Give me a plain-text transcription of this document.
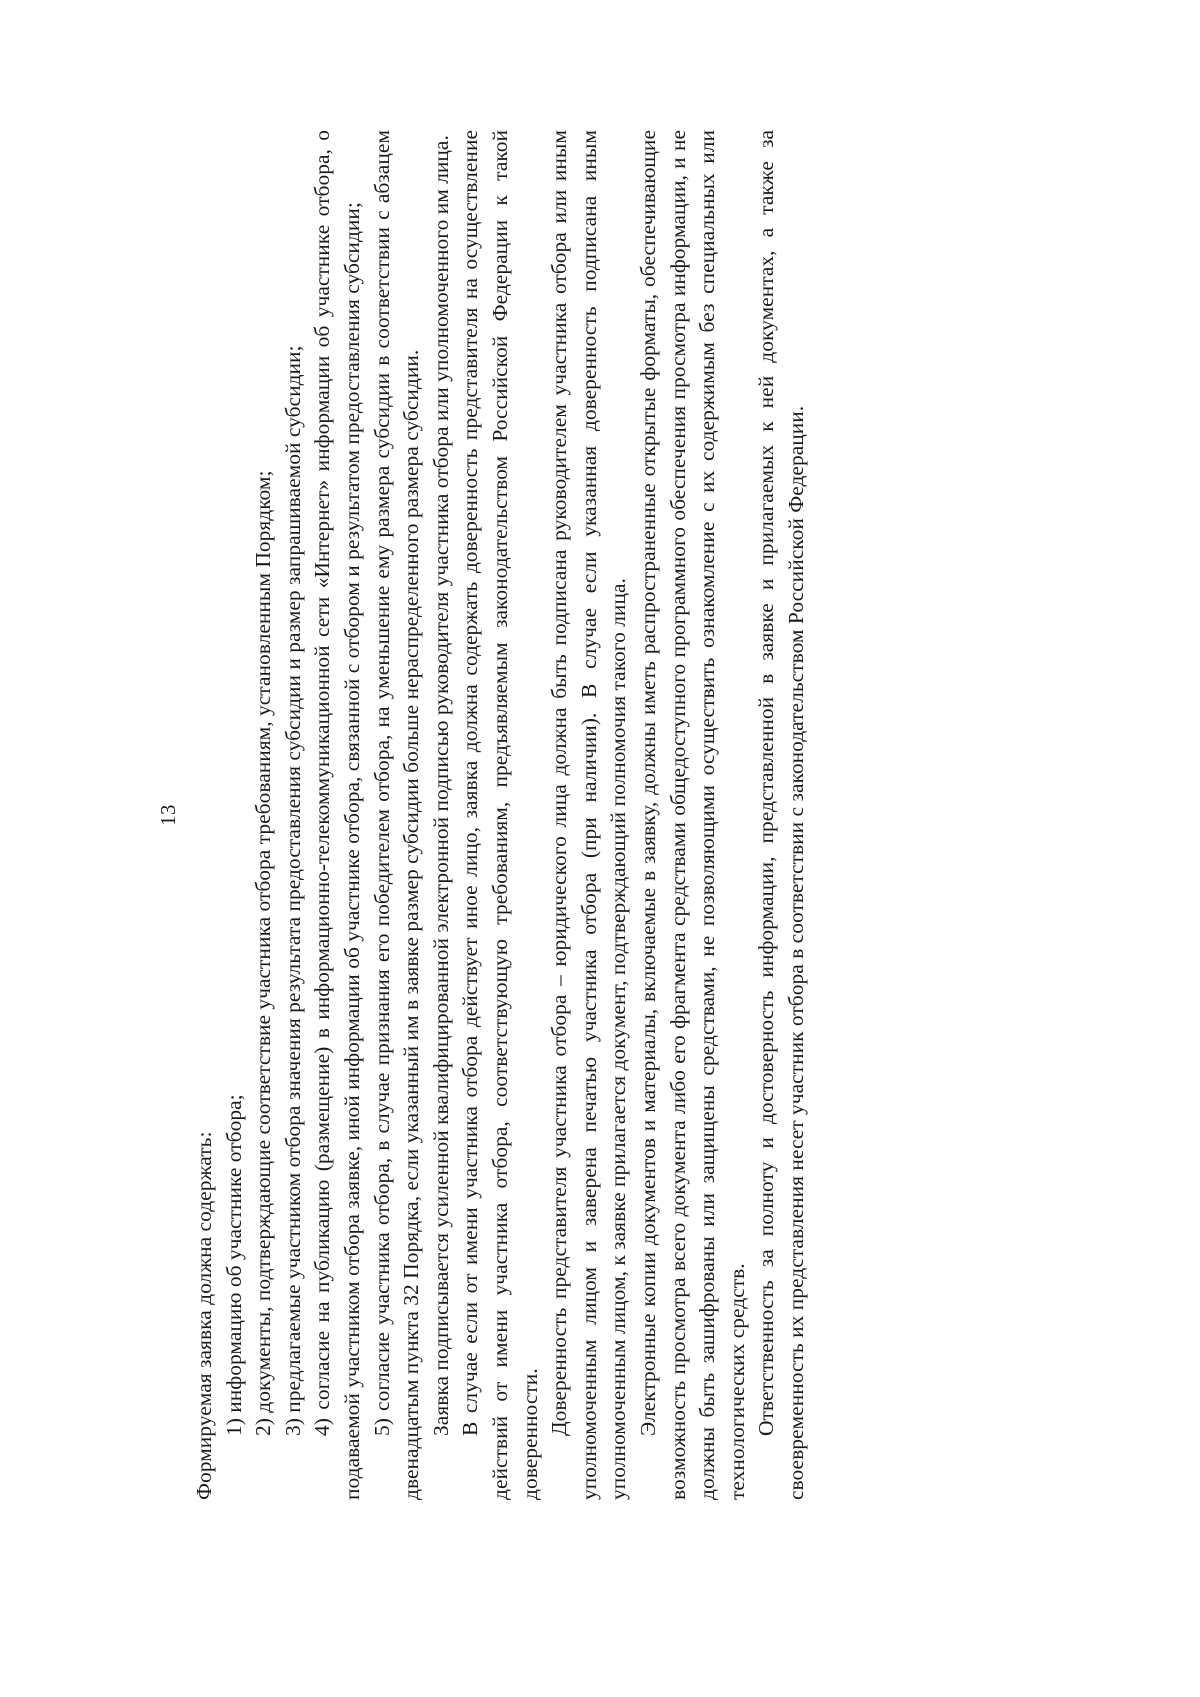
13

Формируемая заявка должна содержать: 1) информацию об участнике отбора; 2) документы, подтверждающие соответствие участника отбора требованиям, установленным Порядком; 3) предлагаемые участником отбора значения результата предоставления субсидии и размер запрашиваемой субсидии; 4) согласие на публикацию (размещение) в информационно-телекоммуникационной сети «Интернет» информации об участнике отбора, о подаваемой участником отбора заявке, иной информации об участнике отбора, связанной с отбором и результатом предоставления субсидии; 5) согласие участника отбора, в случае признания его победителем отбора, на уменьшение ему размера субсидии в соответствии с абзацем двенадцатым пункта 32 Порядка, если указанный им в заявке размер субсидии больше нераспределенного размера субсидии. Заявка подписывается усиленной квалифицированной электронной подписью руководителя участника отбора или уполномоченного им лица. В случае если от имени участника отбора действует иное лицо, заявка должна содержать доверенность представителя на осуществление действий от имени участника отбора, соответствующую требованиям, предъявляемым законодательством Российской Федерации к такой доверенности. Доверенность представителя участника отбора – юридического лица должна быть подписана руководителем участника отбора или иным уполномоченным лицом и заверена печатью участника отбора (при наличии). В случае если указанная доверенность подписана иным уполномоченным лицом, к заявке прилагается документ, подтверждающий полномочия такого лица. Электронные копии документов и материалы, включаемые в заявку, должны иметь распространенные открытые форматы, обеспечивающие возможность просмотра всего документа либо его фрагмента средствами общедоступного программного обеспечения просмотра информации, и не должны быть зашифрованы или защищены средствами, не позволяющими осуществить ознакомление с их содержимым без специальных или технологических средств. Ответственность за полноту и достоверность информации, представленной в заявке и прилагаемых к ней документах, а также за своевременность их представления несет участник отбора в соответствии с законодательством Российской Федерации.
